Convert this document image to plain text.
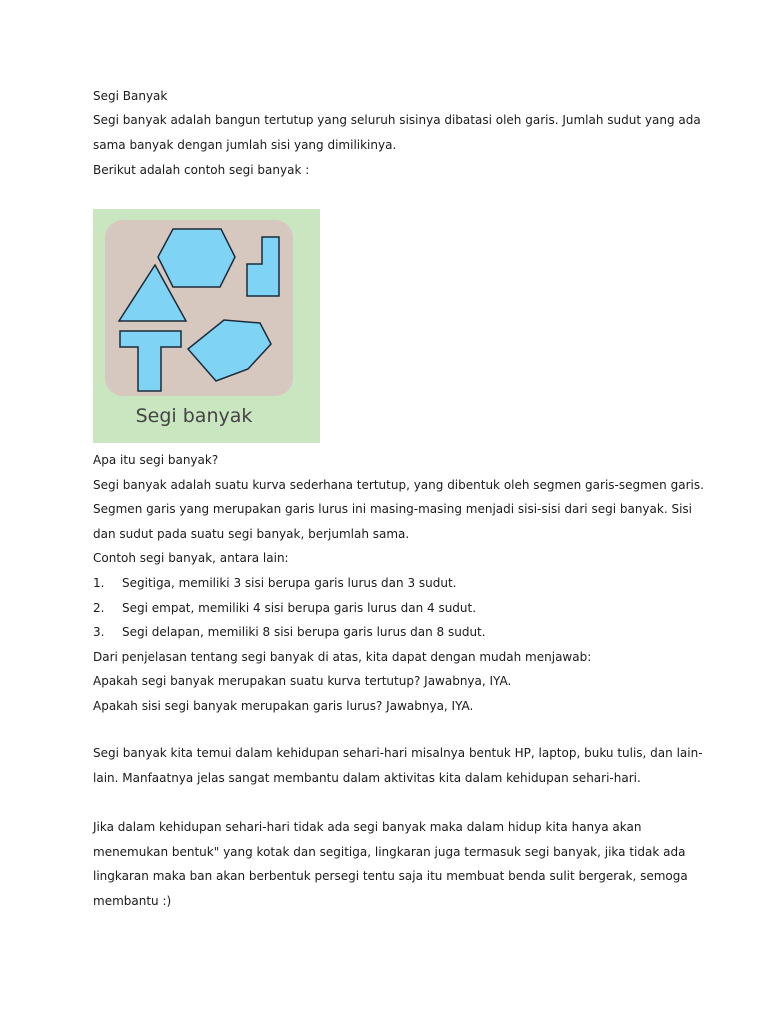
Segi Banyak
Segi banyak adalah bangun tertutup yang seluruh sisinya dibatasi oleh garis. Jumlah sudut yang ada
sama banyak dengan jumlah sisi yang dimilikinya.
Berikut adalah contoh segi banyak :
Segi banyak
Apa itu segi banyak?
Segi banyak adalah suatu kurva sederhana tertutup, yang dibentuk oleh segmen garis-segmen garis.
Segmen garis yang merupakan garis lurus ini masing-masing menjadi sisi-sisi dari segi banyak. Sisi
dan sudut pada suatu segi banyak, berjumlah sama.
Contoh segi banyak, antara lain:
1. Segitiga, memiliki 3 sisi berupa garis lurus dan 3 sudut.
2. Segi empat, memiliki 4 sisi berupa garis lurus dan 4 sudut.
3. Segi delapan, memiliki 8 sisi berupa garis lurus dan 8 sudut.
Dari penjelasan tentang segi banyak di atas, kita dapat dengan mudah menjawab:
Apakah segi banyak merupakan suatu kurva tertutup? Jawabnya, IYA.
Apakah sisi segi banyak merupakan garis lurus? Jawabnya, IYA.
Segi banyak kita temui dalam kehidupan sehari-hari misalnya bentuk HP, laptop, buku tulis, dan lain-
lain. Manfaatnya jelas sangat membantu dalam aktivitas kita dalam kehidupan sehari-hari.
Jika dalam kehidupan sehari-hari tidak ada segi banyak maka dalam hidup kita hanya akan
menemukan bentuk" yang kotak dan segitiga, lingkaran juga termasuk segi banyak, jika tidak ada
lingkaran maka ban akan berbentuk persegi tentu saja itu membuat benda sulit bergerak, semoga
membantu :)
